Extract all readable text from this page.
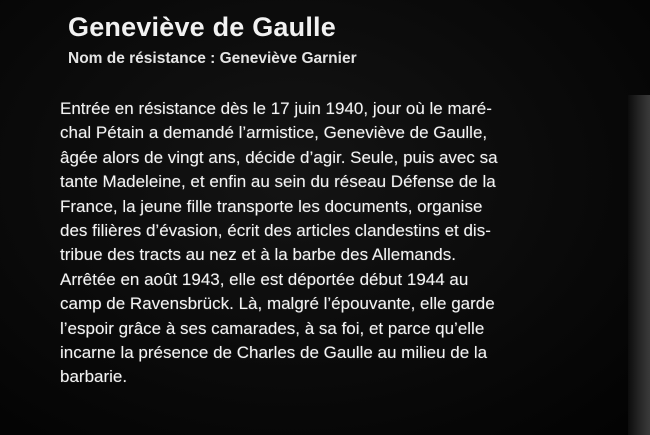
Geneviève de Gaulle
Nom de résistance : Geneviève Garnier
Entrée en résistance dès le 17 juin 1940, jour où le maré-
chal Pétain a demandé l’armistice, Geneviève de Gaulle,
âgée alors de vingt ans, décide d’agir. Seule, puis avec sa
tante Madeleine, et enfin au sein du réseau Défense de la
France, la jeune fille transporte les documents, organise
des filières d’évasion, écrit des articles clandestins et dis-
tribue des tracts au nez et à la barbe des Allemands.
Arrêtée en août 1943, elle est déportée début 1944 au
camp de Ravensbrück. Là, malgré l’épouvante, elle garde
l’espoir grâce à ses camarades, à sa foi, et parce qu’elle
incarne la présence de Charles de Gaulle au milieu de la
barbarie.
